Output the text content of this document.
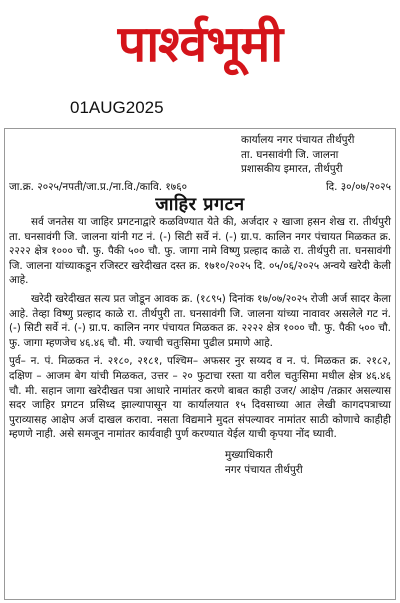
पार्श्वभूमी
01AUG2025
कार्यालय नगर पंचायत तीर्थपुरी
ता. घनसावंगी जि. जालना
प्रशासकीय इमारत, तीर्थपुरी
जा.क्र. २०२५/नपती/जा.प्र./ना.वि./कावि. १७६०	दि. ३०/०७/२०२५
जाहिर प्रगटन

सर्व जनतेस या जाहिर प्रगटनाद्वारे कळविण्यात येते की, अर्जदार २ खाजा हसन शेख रा. तीर्थपुरी ता. घनसावंगी जि. जालना यांनी गट नं. (-) सिटी सर्वे नं. (-) ग्रा.प. कालिन नगर पंचायत मिळकत क्र. २२२२ क्षेत्र १००० चौ. फु. पैकी ५०० चौ. फु. जागा नामे विष्णु प्रल्हाद काळे रा. तीर्थपुरी ता. घनसावंगी जि. जालना यांच्याकडून रजिस्टर खरेदीखत दस्त क्र. १७१०/२०२५ दि. ०५/०६/२०२५ अन्वये खरेदी केली आहे.

खरेदी खरेदीखत सत्य प्रत जोडून आवक क्र. (१८९५) दिनांक १७/०७/२०२५ रोजी अर्ज सादर केला आहे. तेव्हा विष्णु प्रल्हाद काळे रा. तीर्थपुरी ता. घनसावंगी जि. जालना यांच्या नावावर असलेले गट नं. (-) सिटी सर्वे नं. (-) ग्रा.प. कालिन नगर पंचायत मिळकत क्र. २२२२ क्षेत्र १००० चौ. फु. पैकी ५०० चौ. फु. जागा म्हणजेच ४६.४६ चौ. मी. ज्याची चतुःसिमा पुढील प्रमाणे आहे.

पुर्व– न. पं. मिळकत नं. २१८०, २१८१, पश्चिम– अफसर नुर सय्यद व न. पं. मिळकत क्र. २१८२, दक्षिण – आजम बेग यांची मिळकत, उत्तर – २० फुटाचा रस्ता या वरील चतुःसिमा मधील क्षेत्र ४६.४६ चौ. मी. सहान जागा खरेदीखत पत्रा आधारे नामांतर करणे बाबत काही उजर/ आक्षेप /तक्रार असल्यास सदर जाहिर प्रगटन प्रसिध्द झाल्यापासून या कार्यालयात १५ दिवसाच्या आत लेखी कागदपत्राच्या पुराव्यासह आक्षेप अर्ज दाखल करावा. नसता विद्यमाने मुदत संपल्यावर नामांतर साठी कोणाचे काहीही म्हणणे नाही. असे समजून नामांतर कार्यवाही पुर्ण करण्यात येईल याची कृपया नोंद घ्यावी.

मुख्याधिकारी
नगर पंचायत तीर्थपुरी
